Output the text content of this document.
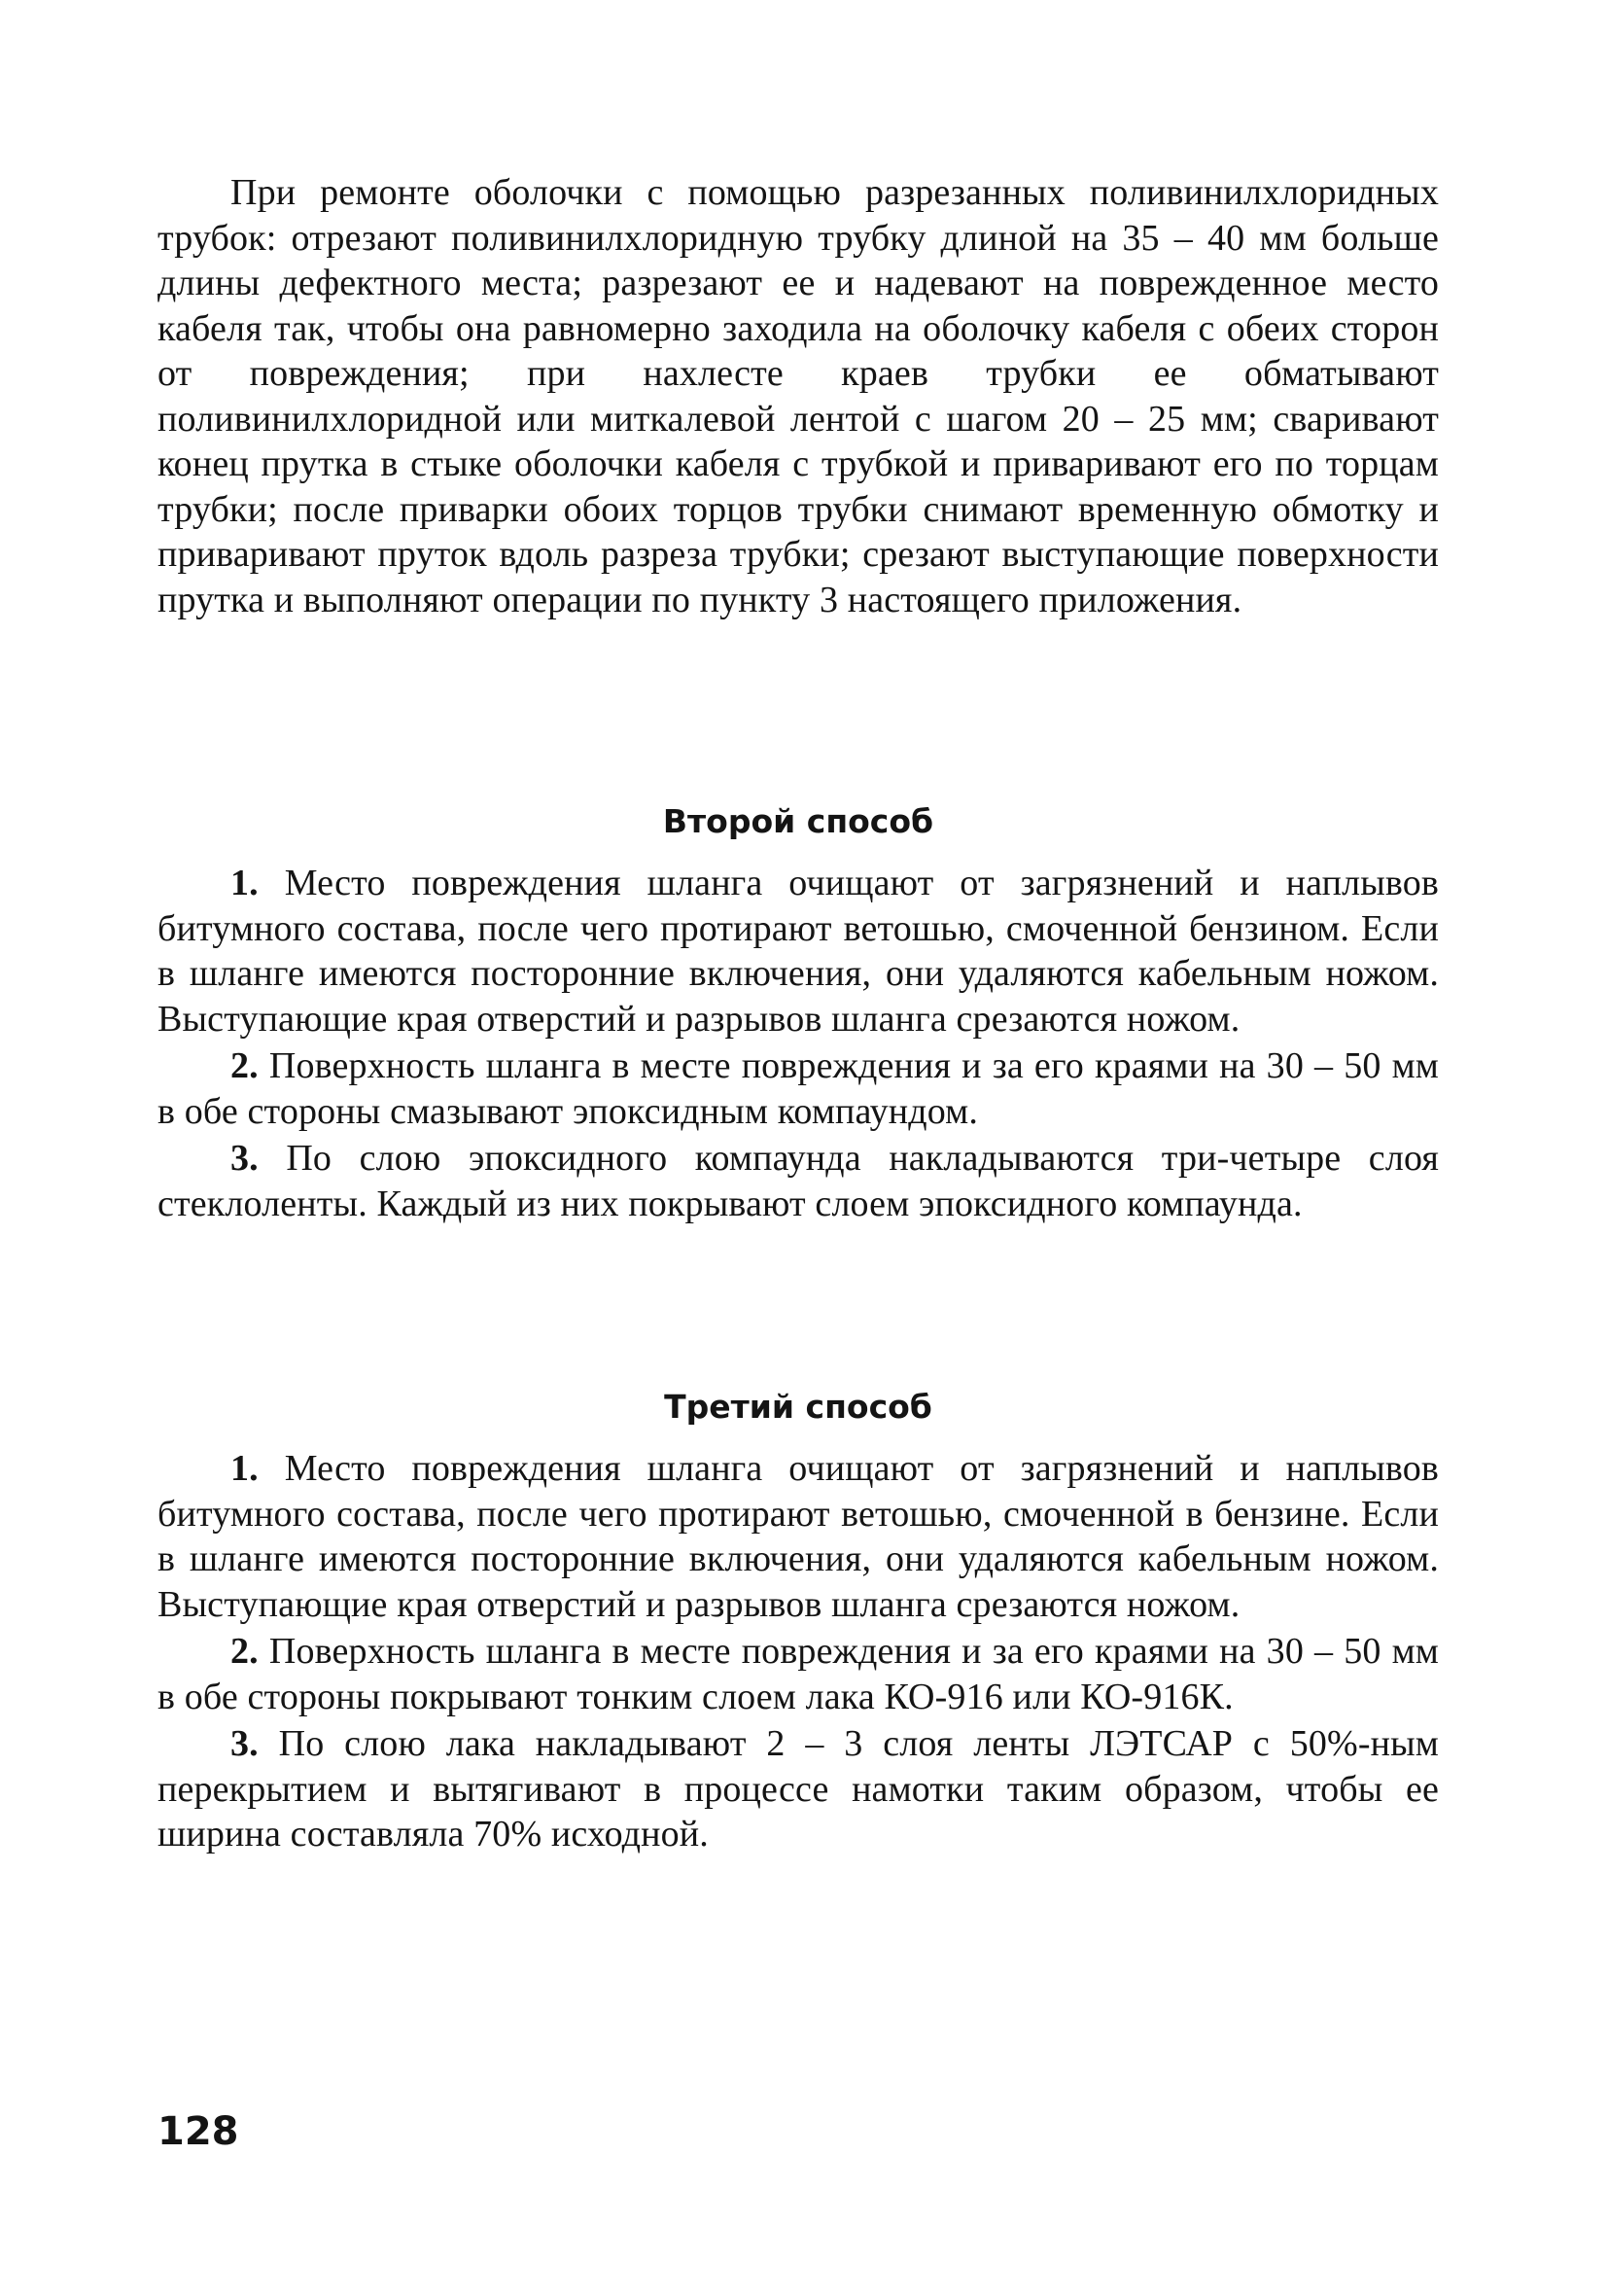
При ремонте оболочки с помощью разрезанных поливинилхлоридных трубок: отрезают поливинилхлоридную трубку длиной на 35 – 40 мм больше длины дефектного места; разрезают ее и надевают на поврежденное место кабеля так, чтобы она равномерно заходила на оболочку кабеля с обеих сторон от повреждения; при нахлесте краев трубки ее обматывают поливинилхлоридной или миткалевой лентой с шагом 20 – 25 мм; сваривают конец прутка в стыке оболочки кабеля с трубкой и приваривают его по торцам трубки; после приварки обоих торцов трубки снимают временную обмотку и приваривают пруток вдоль разреза трубки; срезают выступающие поверхности прутка и выполняют операции по пункту 3 настоящего приложения.

Второй способ

1. Место повреждения шланга очищают от загрязнений и наплывов битумного состава, после чего протирают ветошью, смоченной бензином. Если в шланге имеются посторонние включения, они удаляются кабельным ножом. Выступающие края отверстий и разрывов шланга срезаются ножом.

2. Поверхность шланга в месте повреждения и за его краями на 30 – 50 мм в обе стороны смазывают эпоксидным компаундом.

3. По слою эпоксидного компаунда накладываются три-четыре слоя стеклоленты. Каждый из них покрывают слоем эпоксидного компаунда.

Третий способ

1. Место повреждения шланга очищают от загрязнений и наплывов битумного состава, после чего протирают ветошью, смоченной в бензине. Если в шланге имеются посторонние включения, они удаляются кабельным ножом. Выступающие края отверстий и разрывов шланга срезаются ножом.

2. Поверхность шланга в месте повреждения и за его краями на 30 – 50 мм в обе стороны покрывают тонким слоем лака КО-916 или КО-916К.

3. По слою лака накладывают 2 – 3 слоя ленты ЛЭТСАР с 50%-ным перекрытием и вытягивают в процессе намотки таким образом, чтобы ее ширина составляла 70% исходной.

128
